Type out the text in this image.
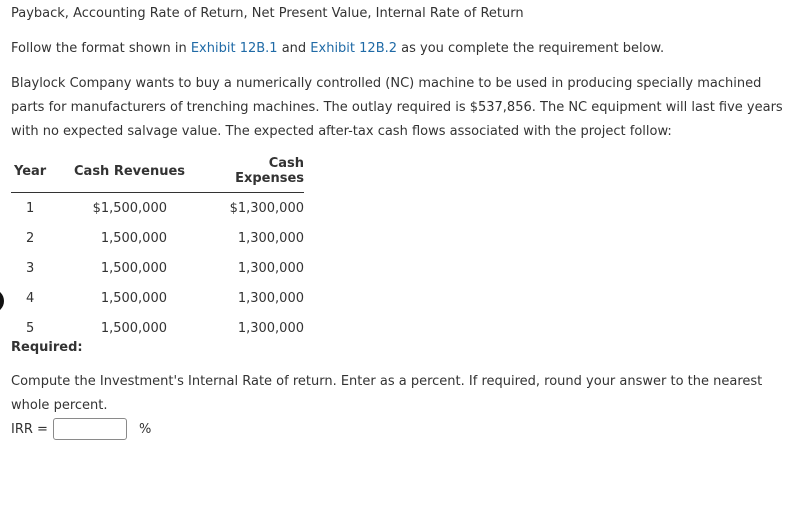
Payback, Accounting Rate of Return, Net Present Value, Internal Rate of Return
Follow the format shown in Exhibit 12B.1 and Exhibit 12B.2 as you complete the requirement below.
Blaylock Company wants to buy a numerically controlled (NC) machine to be used in producing specially machined parts for manufacturers of trenching machines. The outlay required is $537,856. The NC equipment will last five years with no expected salvage value. The expected after-tax cash flows associated with the project follow:
Year	Cash Revenues	Cash Expenses
1	$1,500,000	$1,300,000
2	1,500,000	1,300,000
3	1,500,000	1,300,000
4	1,500,000	1,300,000
5	1,500,000	1,300,000
Required:
Compute the Investment's Internal Rate of return. Enter as a percent. If required, round your answer to the nearest whole percent.
IRR =	%
